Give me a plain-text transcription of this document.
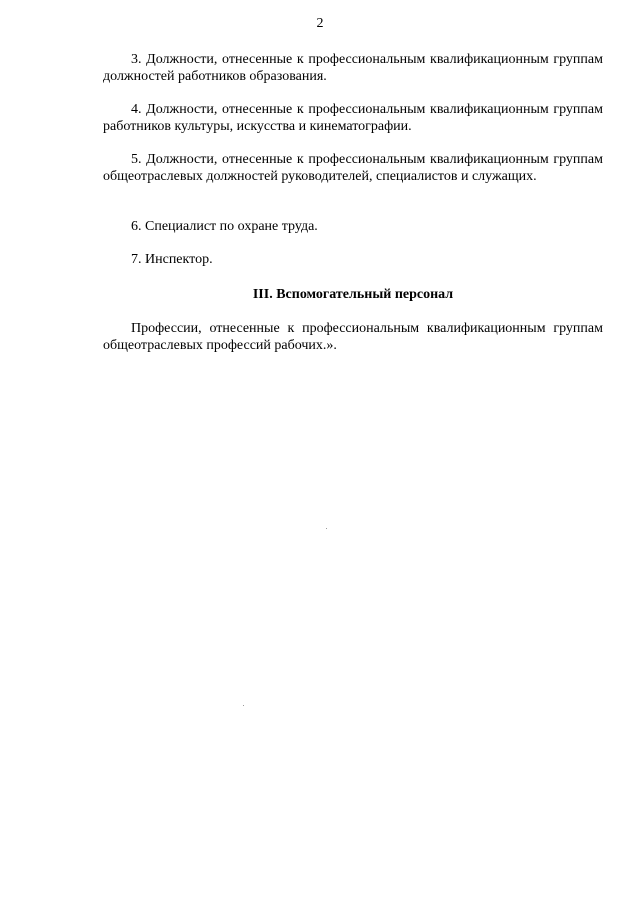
2

3. Должности, отнесенные к профессиональным квалификационным группам должностей работников образования.

4. Должности, отнесенные к профессиональным квалификационным группам работников культуры, искусства и кинематографии.

5. Должности, отнесенные к профессиональным квалификационным группам общеотраслевых должностей руководителей, специалистов и служащих.

6. Специалист по охране труда.

7. Инспектор.

III. Вспомогательный персонал

Профессии, отнесенные к профессиональным квалификационным группам общеотраслевых профессий рабочих.».
